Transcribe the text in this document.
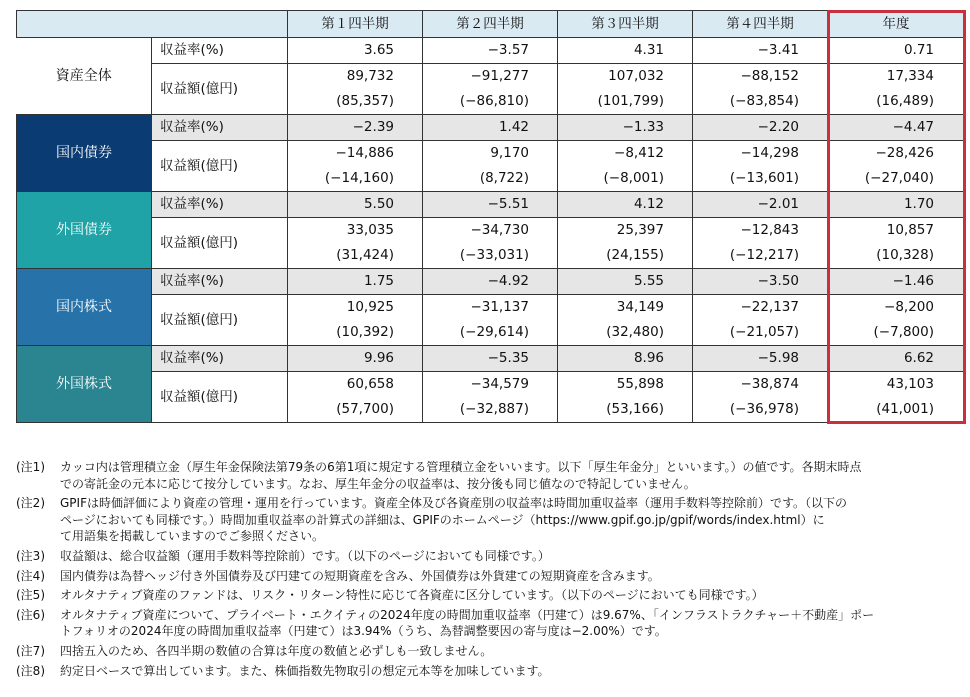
		第１四半期	第２四半期	第３四半期	第４四半期	年度
資産全体	収益率(%)	3.65	−3.57	4.31	−3.41	0.71
	収益額(億円)	89,732	−91,277	107,032	−88,152	17,334
		(85,357)	(−86,810)	(101,799)	(−83,854)	(16,489)
国内債券	収益率(%)	−2.39	1.42	−1.33	−2.20	−4.47
	収益額(億円)	−14,886	9,170	−8,412	−14,298	−28,426
		(−14,160)	(8,722)	(−8,001)	(−13,601)	(−27,040)
外国債券	収益率(%)	5.50	−5.51	4.12	−2.01	1.70
	収益額(億円)	33,035	−34,730	25,397	−12,843	10,857
		(31,424)	(−33,031)	(24,155)	(−12,217)	(10,328)
国内株式	収益率(%)	1.75	−4.92	5.55	−3.50	−1.46
	収益額(億円)	10,925	−31,137	34,149	−22,137	−8,200
		(10,392)	(−29,614)	(32,480)	(−21,057)	(−7,800)
外国株式	収益率(%)	9.96	−5.35	8.96	−5.98	6.62
	収益額(億円)	60,658	−34,579	55,898	−38,874	43,103
		(57,700)	(−32,887)	(53,166)	(−36,978)	(41,001)
(注1) カッコ内は管理積立金（厚生年金保険法第79条の6第1項に規定する管理積立金をいいます。以下「厚生年金分」といいます。）の値です。各期末時点
での寄託金の元本に応じて按分しています。なお、厚生年金分の収益率は、按分後も同じ値なので特記していません。
(注2) GPIFは時価評価により資産の管理・運用を行っています。資産全体及び各資産別の収益率は時間加重収益率（運用手数料等控除前）です。（以下の
ページにおいても同様です。）時間加重収益率の計算式の詳細は、GPIFのホームページ（https://www.gpif.go.jp/gpif/words/index.html）に
て用語集を掲載していますのでご参照ください。
(注3) 収益額は、総合収益額（運用手数料等控除前）です。（以下のページにおいても同様です。）
(注4) 国内債券は為替ヘッジ付き外国債券及び円建ての短期資産を含み、外国債券は外貨建ての短期資産を含みます。
(注5) オルタナティブ資産のファンドは、リスク・リターン特性に応じて各資産に区分しています。（以下のページにおいても同様です。）
(注6) オルタナティブ資産について、プライベート・エクイティの2024年度の時間加重収益率（円建て）は9.67%、「インフラストラクチャー＋不動産」ポー
トフォリオの2024年度の時間加重収益率（円建て）は3.94%（うち、為替調整要因の寄与度は−2.00%）です。
(注7) 四捨五入のため、各四半期の数値の合算は年度の数値と必ずしも一致しません。
(注8) 約定日ベースで算出しています。また、株価指数先物取引の想定元本等を加味しています。
